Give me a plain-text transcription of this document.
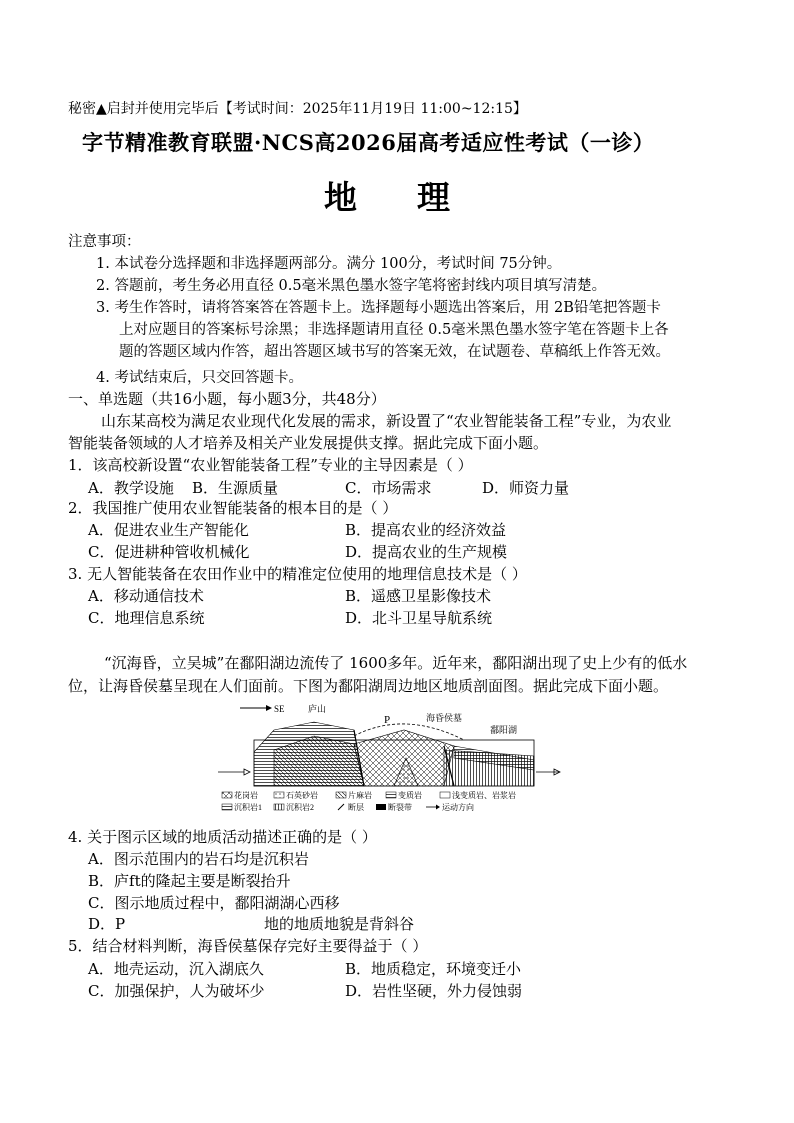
秘密▲启封并使用完毕后【考试时间：2025年11月19日 11:00~12:15】
字节精准教育联盟·NCS高2026届高考适应性考试（一诊）
地理
注意事项：
1. 本试卷分选择题和非选择题两部分。满分 100分，考试时间 75分钟。
2. 答题前，考生务必用直径 0.5毫米黑色墨水签字笔将密封线内项目填写清楚。
3. 考生作答时，请将答案答在答题卡上。选择题每小题选出答案后，用 2B铅笔把答题卡
上对应题目的答案标号涂黑；非选择题请用直径 0.5毫米黑色墨水签字笔在答题卡上各
题的答题区域内作答，超出答题区域书写的答案无效，在试题卷、草稿纸上作答无效。
4. 考试结束后，只交回答题卡。
一、单选题（共16小题，每小题3分，共48分）
山东某高校为满足农业现代化发展的需求，新设置了“农业智能装备工程”专业，为农业
智能装备领域的人才培养及相关产业发展提供支撑。据此完成下面小题。
1．该高校新设置“农业智能装备工程”专业的主导因素是（ ）
A．教学设施 B．生源质量	C．市场需求	D．师资力量
2．我国推广使用农业智能装备的根本目的是（ ）
A．促进农业生产智能化	B．提高农业的经济效益
C．促进耕种管收机械化	D．提高农业的生产规模
3. 无人智能装备在农田作业中的精准定位使用的地理信息技术是（ ）
A．移动通信技术	B．遥感卫星影像技术
C．地理信息系统	D．北斗卫星导航系统
“沉海昏，立吴城”在鄱阳湖边流传了 1600多年。近年来，鄱阳湖出现了史上少有的低水
位，让海昏侯墓呈现在人们面前。下图为鄱阳湖周边地区地质剖面图。据此完成下面小题。
SE	庐山
P	海昏侯墓
鄱阳湖
花岗岩	石英砂岩	片麻岩	变质岩	浅变质岩、岩浆岩
沉积岩1	沉积岩2	断层	断裂带	运动方向
4. 关于图示区域的地质活动描述正确的是（ ）
A．图示范围内的岩石均是沉积岩
B．庐ft的隆起主要是断裂抬升
C．图示地质过程中，鄱阳湖湖心西移
D．P	地的地质地貌是背斜谷
5．结合材料判断，海昏侯墓保存完好主要得益于（ ）
A．地壳运动，沉入湖底久	B．地质稳定，环境变迁小
C．加强保护，人为破坏少	D．岩性坚硬，外力侵蚀弱
